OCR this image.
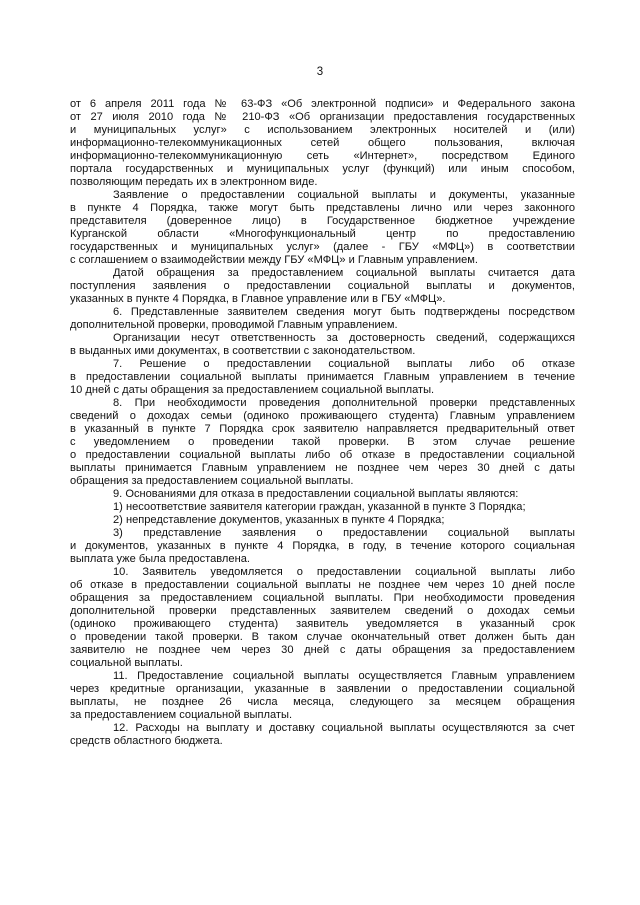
3
от 6 апреля 2011 года № 63-ФЗ «Об электронной подписи» и Федерального закона
от 27 июля 2010 года № 210-ФЗ «Об организации предоставления государственных
и муниципальных услуг» с использованием электронных носителей и (или)
информационно-телекоммуникационных сетей общего пользования, включая
информационно-телекоммуникационную сеть «Интернет», посредством Единого
портала государственных и муниципальных услуг (функций) или иным способом,
позволяющим передать их в электронном виде.
Заявление о предоставлении социальной выплаты и документы, указанные
в пункте 4 Порядка, также могут быть представлены лично или через законного
представителя (доверенное лицо) в Государственное бюджетное учреждение
Курганской области «Многофункциональный центр по предоставлению
государственных и муниципальных услуг» (далее - ГБУ «МФЦ») в соответствии
с соглашением о взаимодействии между ГБУ «МФЦ» и Главным управлением.
Датой обращения за предоставлением социальной выплаты считается дата
поступления заявления о предоставлении социальной выплаты и документов,
указанных в пункте 4 Порядка, в Главное управление или в ГБУ «МФЦ».
6. Представленные заявителем сведения могут быть подтверждены посредством
дополнительной проверки, проводимой Главным управлением.
Организации несут ответственность за достоверность сведений, содержащихся
в выданных ими документах, в соответствии с законодательством.
7. Решение о предоставлении социальной выплаты либо об отказе
в предоставлении социальной выплаты принимается Главным управлением в течение
10 дней с даты обращения за предоставлением социальной выплаты.
8. При необходимости проведения дополнительной проверки представленных
сведений о доходах семьи (одиноко проживающего студента) Главным управлением
в указанный в пункте 7 Порядка срок заявителю направляется предварительный ответ
с уведомлением о проведении такой проверки. В этом случае решение
о предоставлении социальной выплаты либо об отказе в предоставлении социальной
выплаты принимается Главным управлением не позднее чем через 30 дней с даты
обращения за предоставлением социальной выплаты.
9. Основаниями для отказа в предоставлении социальной выплаты являются:
1) несоответствие заявителя категории граждан, указанной в пункте 3 Порядка;
2) непредставление документов, указанных в пункте 4 Порядка;
3) представление заявления о предоставлении социальной выплаты
и документов, указанных в пункте 4 Порядка, в году, в течение которого социальная
выплата уже была предоставлена.
10. Заявитель уведомляется о предоставлении социальной выплаты либо
об отказе в предоставлении социальной выплаты не позднее чем через 10 дней после
обращения за предоставлением социальной выплаты. При необходимости проведения
дополнительной проверки представленных заявителем сведений о доходах семьи
(одиноко проживающего студента) заявитель уведомляется в указанный срок
о проведении такой проверки. В таком случае окончательный ответ должен быть дан
заявителю не позднее чем через 30 дней с даты обращения за предоставлением
социальной выплаты.
11. Предоставление социальной выплаты осуществляется Главным управлением
через кредитные организации, указанные в заявлении о предоставлении социальной
выплаты, не позднее 26 числа месяца, следующего за месяцем обращения
за предоставлением социальной выплаты.
12. Расходы на выплату и доставку социальной выплаты осуществляются за счет
средств областного бюджета.
